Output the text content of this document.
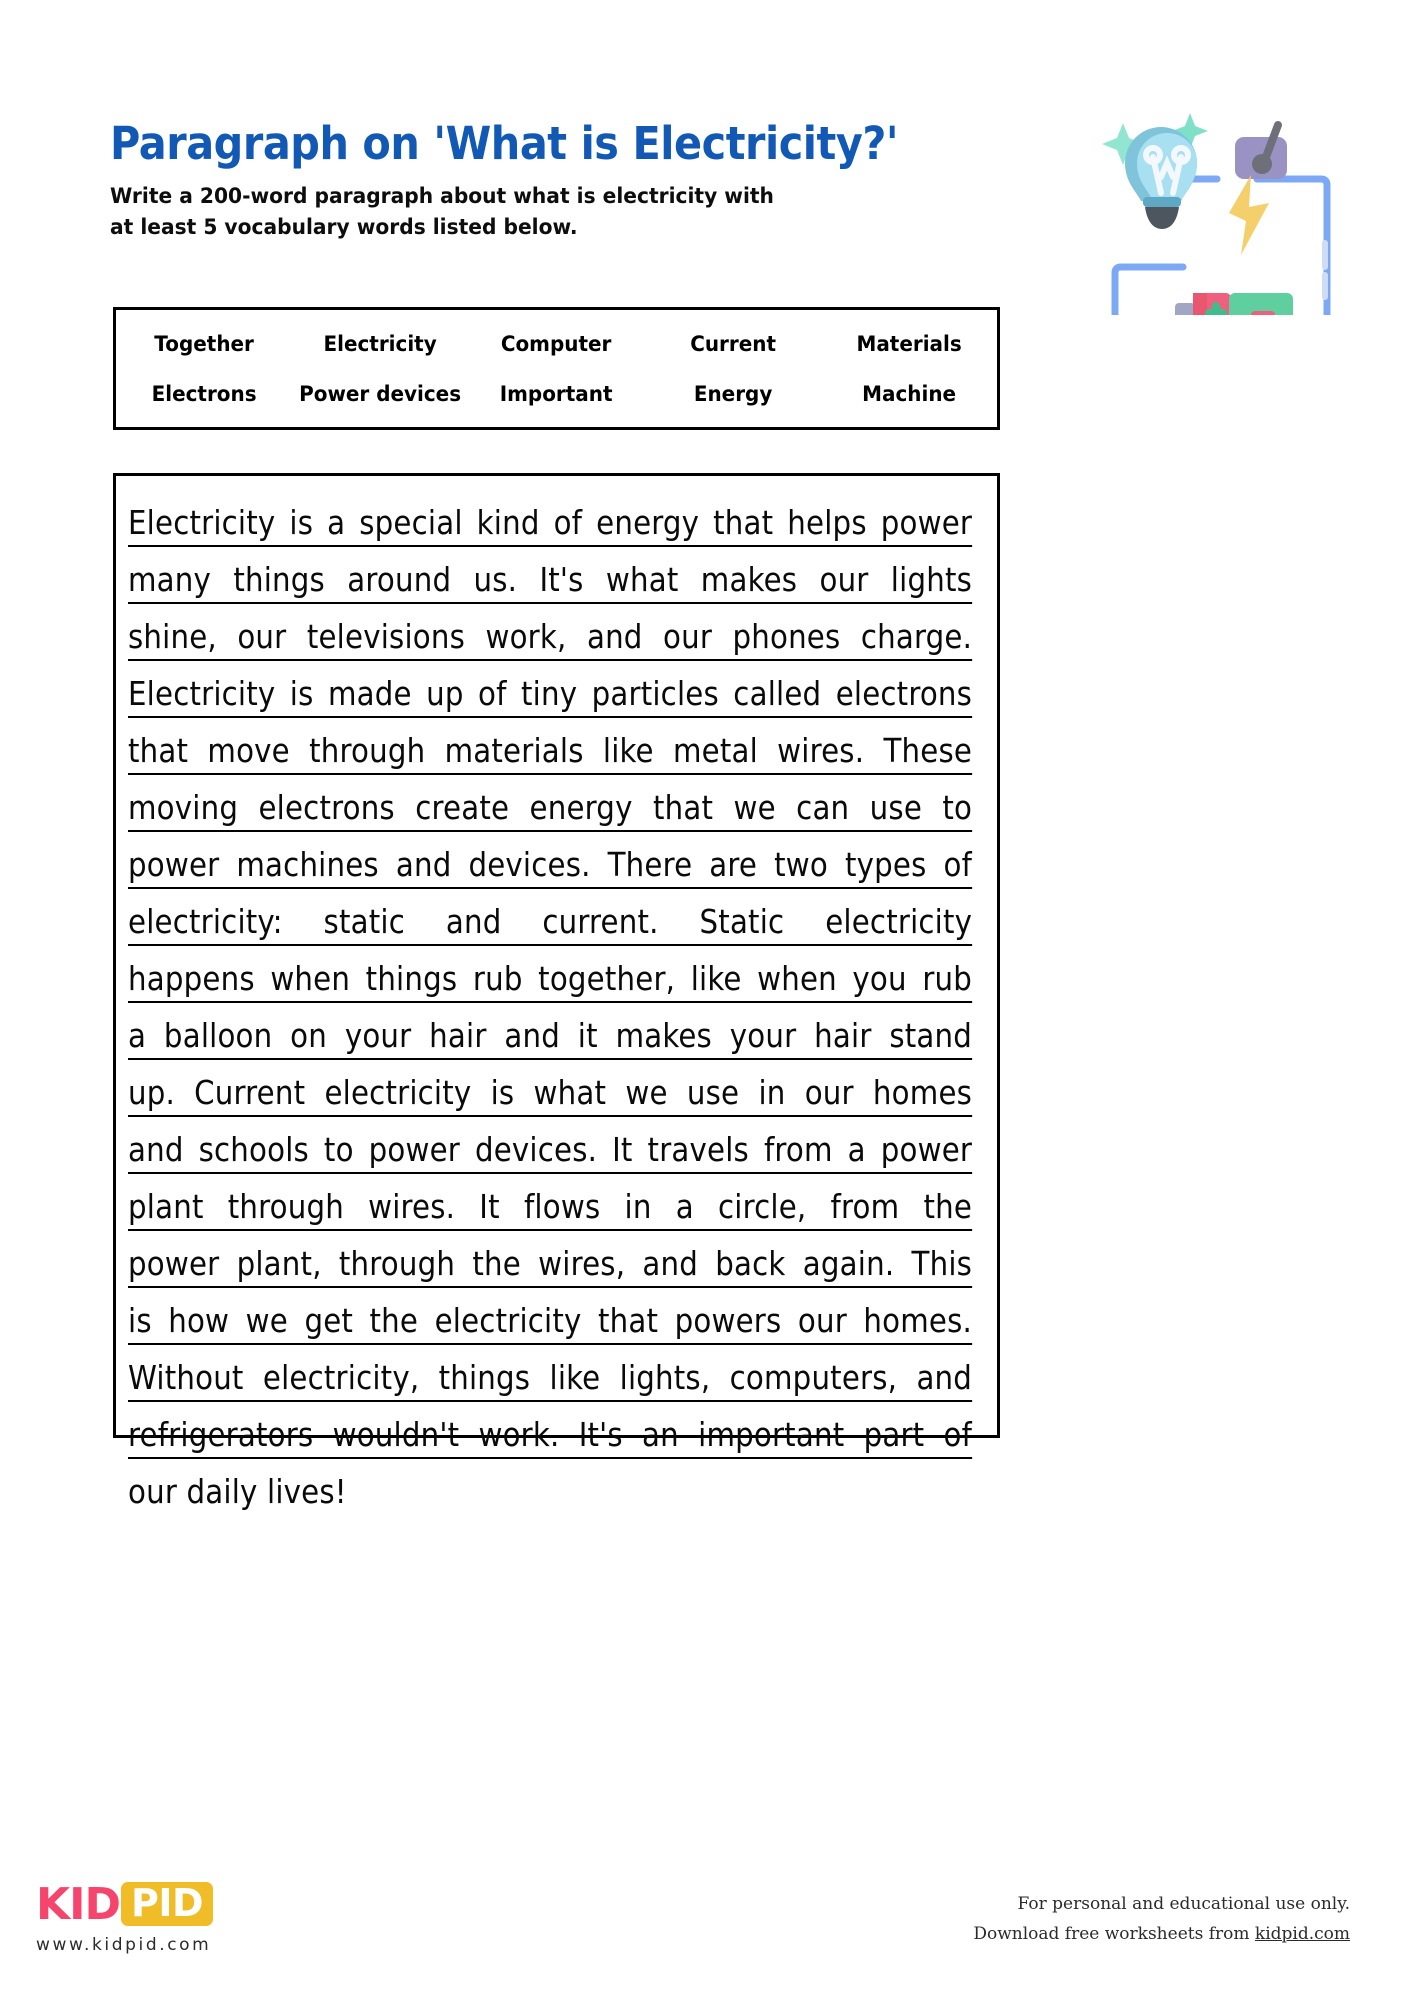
Paragraph on 'What is Electricity?'
Write a 200-word paragraph about what is electricity with
at least 5 vocabulary words listed below.
Together	Electricity	Computer	Current	Materials
Electrons	Power devices	Important	Energy	Machine
Electricity is a special kind of energy that helps power
many things around us. It's what makes our lights
shine, our televisions work, and our phones charge.
Electricity is made up of tiny particles called electrons
that move through materials like metal wires. These
moving electrons create energy that we can use to
power machines and devices. There are two types of
electricity: static and current. Static electricity
happens when things rub together, like when you rub
a balloon on your hair and it makes your hair stand
up. Current electricity is what we use in our homes
and schools to power devices. It travels from a power
plant through wires. It flows in a circle, from the
power plant, through the wires, and back again. This
is how we get the electricity that powers our homes.
Without electricity, things like lights, computers, and
refrigerators wouldn't work. It's an important part of
our daily lives!
KID PID
www.kidpid.com
For personal and educational use only.
Download free worksheets from kidpid.com
